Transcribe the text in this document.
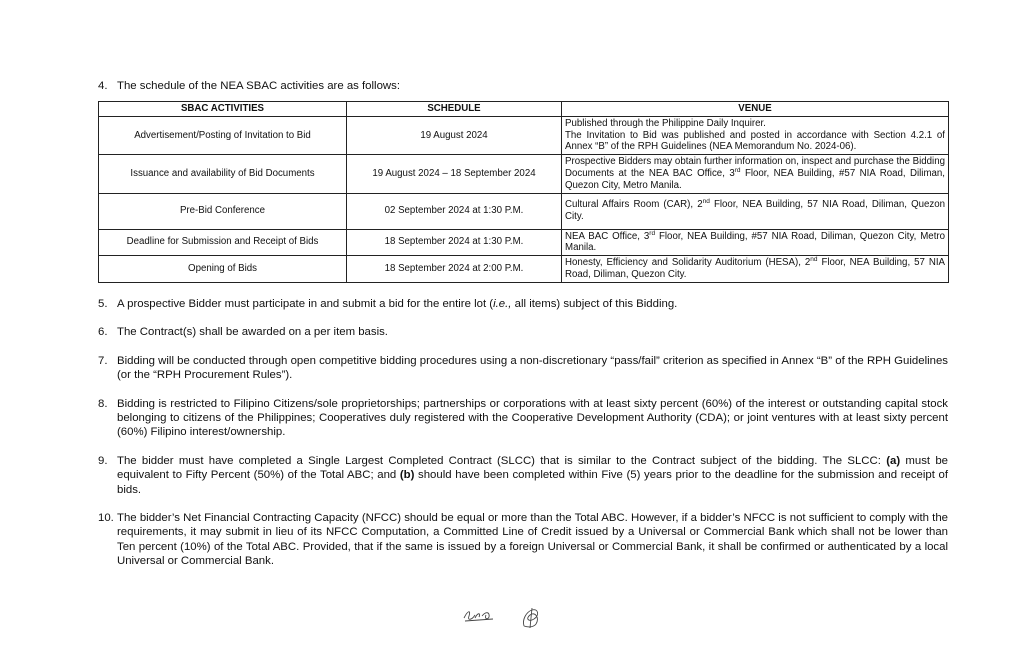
4. The schedule of the NEA SBAC activities are as follows:
SBAC ACTIVITIES	SCHEDULE	VENUE
Advertisement/Posting of Invitation to Bid	19 August 2024	Published through the Philippine Daily Inquirer.
The Invitation to Bid was published and posted in accordance with Section 4.2.1 of Annex “B” of the RPH Guidelines (NEA Memorandum No. 2024-06).

Issuance and availability of Bid Documents	19 August 2024 – 18 September 2024	Prospective Bidders may obtain further information on, inspect and purchase the Bidding Documents at the NEA BAC Office, 3rd Floor, NEA Building, #57 NIA Road, Diliman, Quezon City, Metro Manila.
Pre-Bid Conference	02 September 2024 at 1:30 P.M.	Cultural Affairs Room (CAR), 2nd Floor, NEA Building, 57 NIA Road, Diliman, Quezon City.
Deadline for Submission and Receipt of Bids	18 September 2024 at 1:30 P.M.	NEA BAC Office, 3rd Floor, NEA Building, #57 NIA Road, Diliman, Quezon City, Metro Manila.
Opening of Bids	18 September 2024 at 2:00 P.M.	Honesty, Efficiency and Solidarity Auditorium (HESA), 2nd Floor, NEA Building, 57 NIA Road, Diliman, Quezon City.
5. A prospective Bidder must participate in and submit a bid for the entire lot (i.e., all items) subject of this Bidding.
6. The Contract(s) shall be awarded on a per item basis.
7. Bidding will be conducted through open competitive bidding procedures using a non-discretionary “pass/fail” criterion as specified in Annex “B” of the RPH Guidelines (or the “RPH Procurement Rules”).
8. Bidding is restricted to Filipino Citizens/sole proprietorships; partnerships or corporations with at least sixty percent (60%) of the interest or outstanding capital stock belonging to citizens of the Philippines; Cooperatives duly registered with the Cooperative Development Authority (CDA); or joint ventures with at least sixty percent (60%) Filipino interest/ownership.
9. The bidder must have completed a Single Largest Completed Contract (SLCC) that is similar to the Contract subject of the bidding. The SLCC: (a) must be equivalent to Fifty Percent (50%) of the Total ABC; and (b) should have been completed within Five (5) years prior to the deadline for the submission and receipt of bids.
10. The bidder’s Net Financial Contracting Capacity (NFCC) should be equal or more than the Total ABC. However, if a bidder’s NFCC is not sufficient to comply with the requirements, it may submit in lieu of its NFCC Computation, a Committed Line of Credit issued by a Universal or Commercial Bank which shall not be lower than Ten percent (10%) of the Total ABC. Provided, that if the same is issued by a foreign Universal or Commercial Bank, it shall be confirmed or authenticated by a local Universal or Commercial Bank.
